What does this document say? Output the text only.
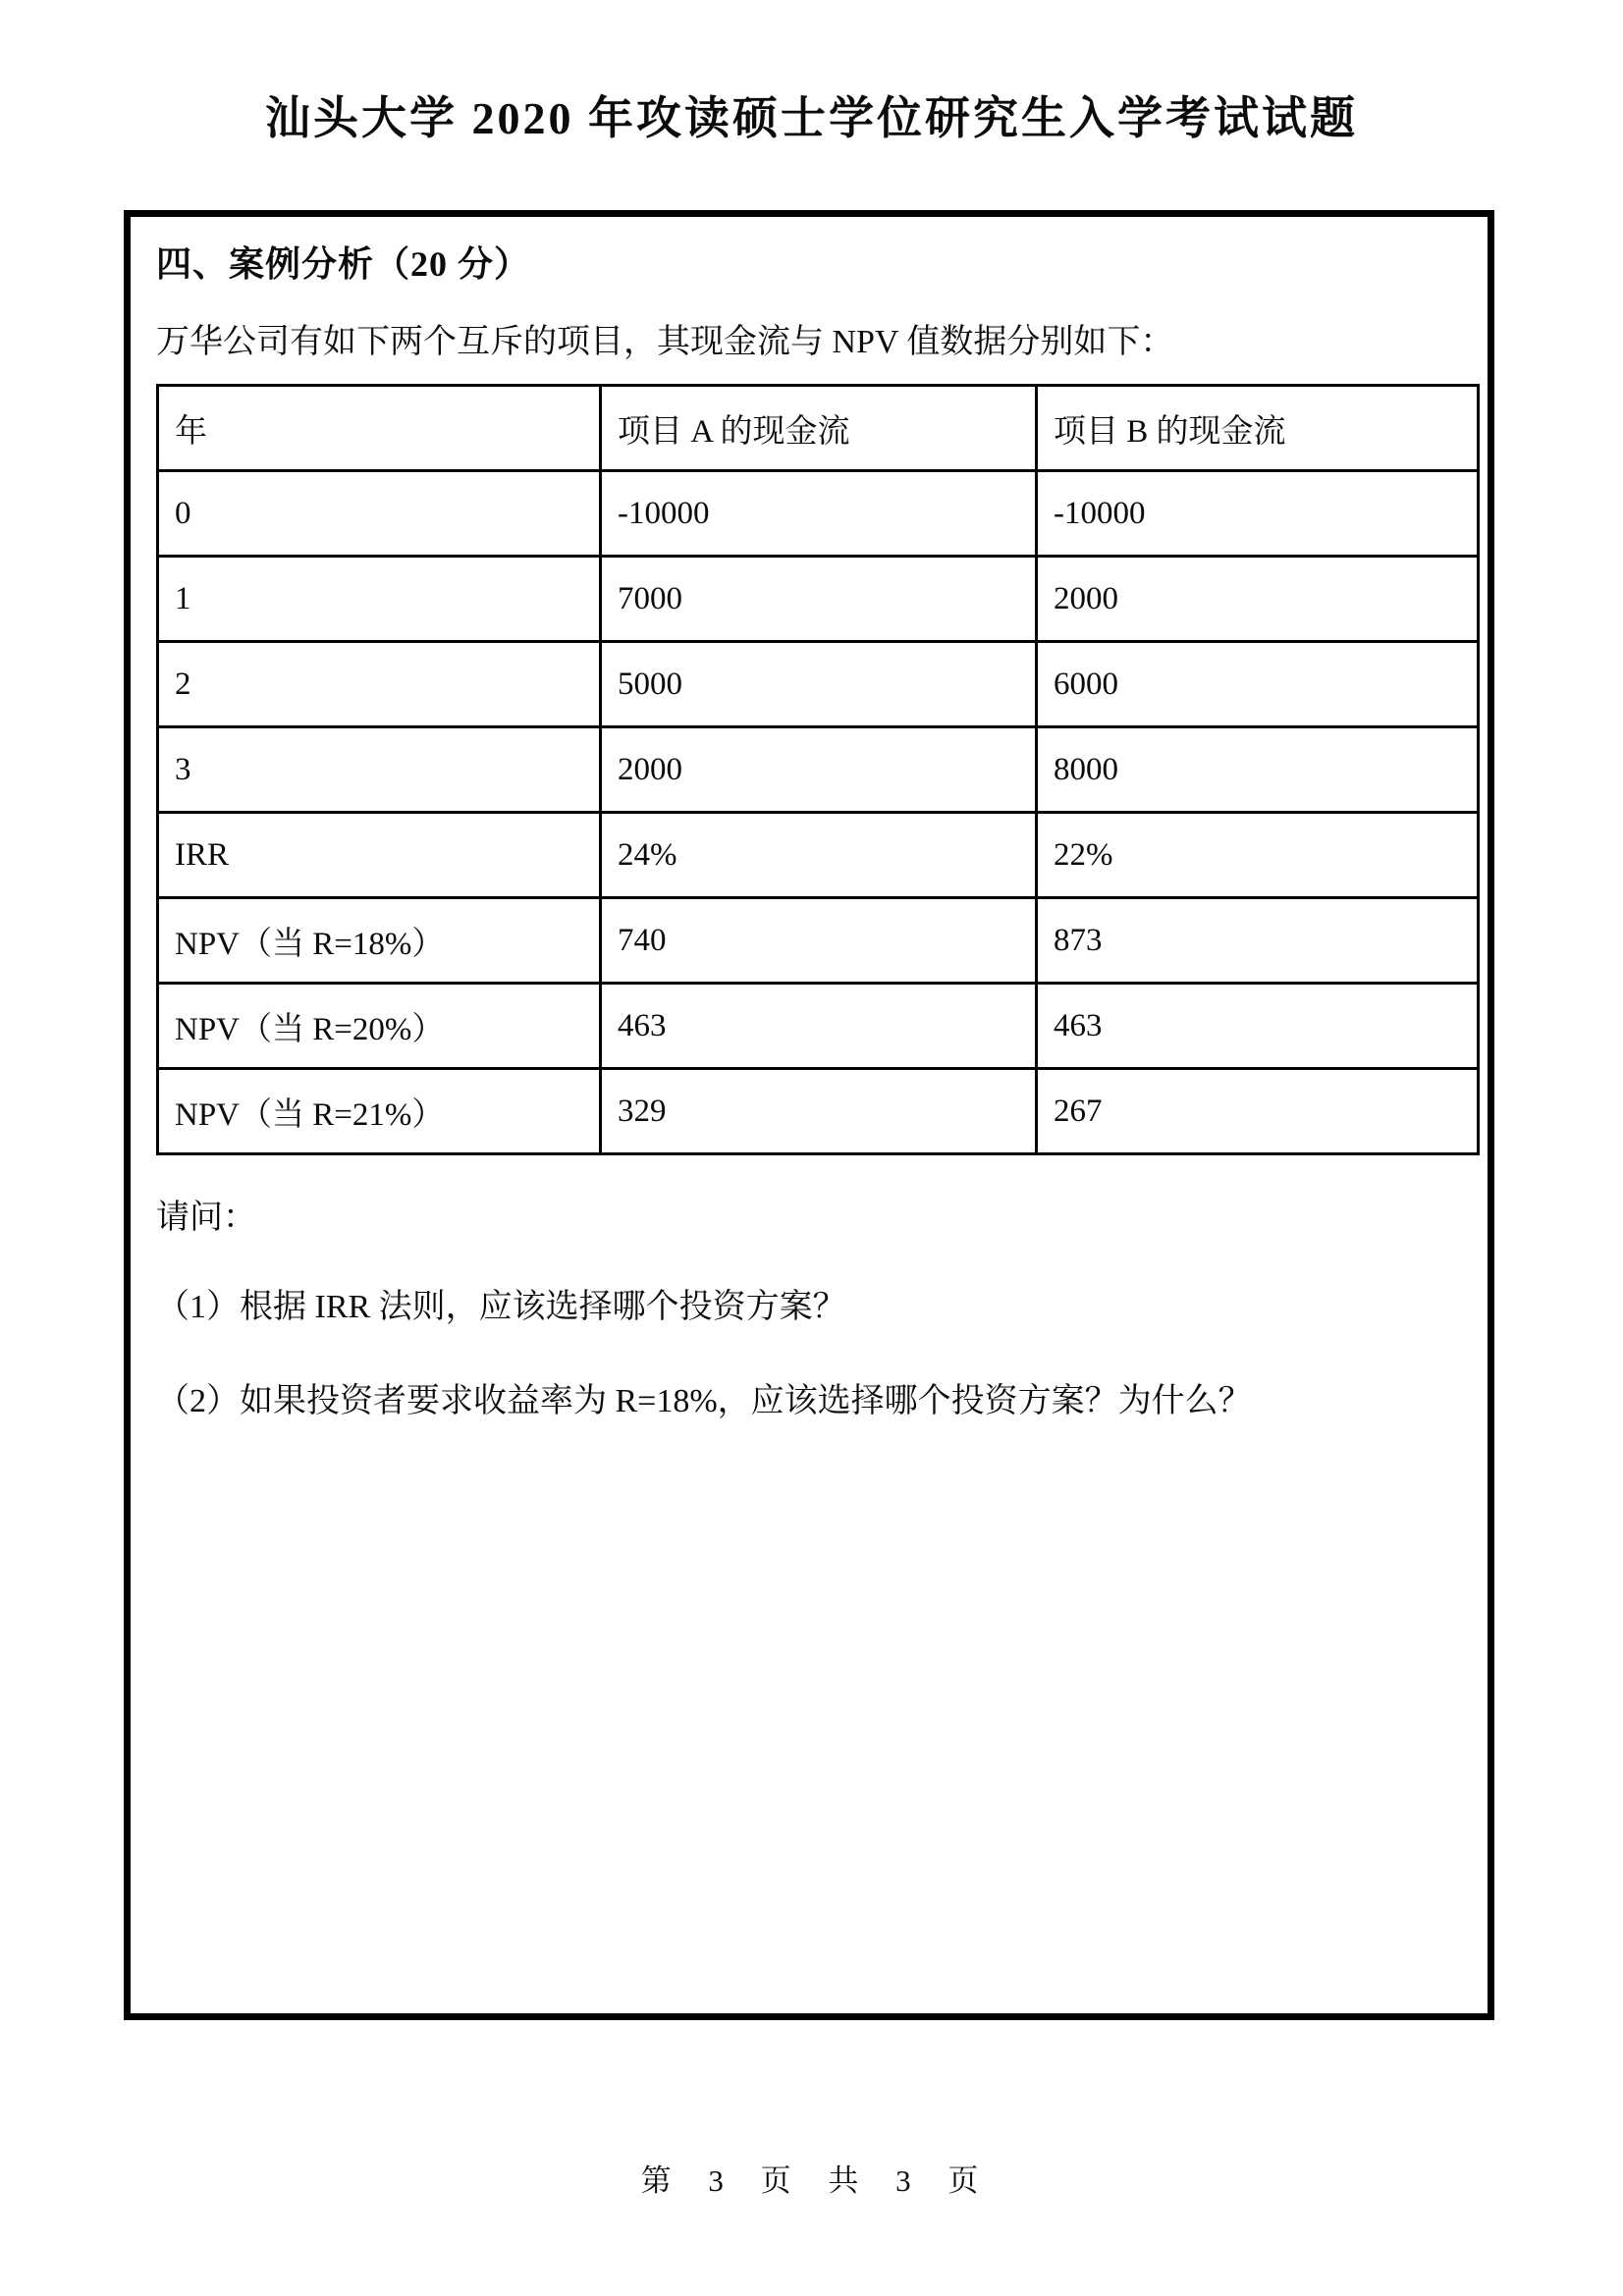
汕头大学 2020 年攻读硕士学位研究生入学考试试题
四、案例分析（20 分）
万华公司有如下两个互斥的项目，其现金流与 NPV 值数据分别如下：
年	项目 A 的现金流	项目 B 的现金流
0	-10000	-10000
1	7000	2000
2	5000	6000
3	2000	8000
IRR	24%	22%
NPV（当 R=18%）	740	873
NPV（当 R=20%）	463	463
NPV（当 R=21%）	329	267
请问：
（1）根据 IRR 法则，应该选择哪个投资方案？
（2）如果投资者要求收益率为 R=18%，应该选择哪个投资方案？为什么？
第 3 页 共 3 页
